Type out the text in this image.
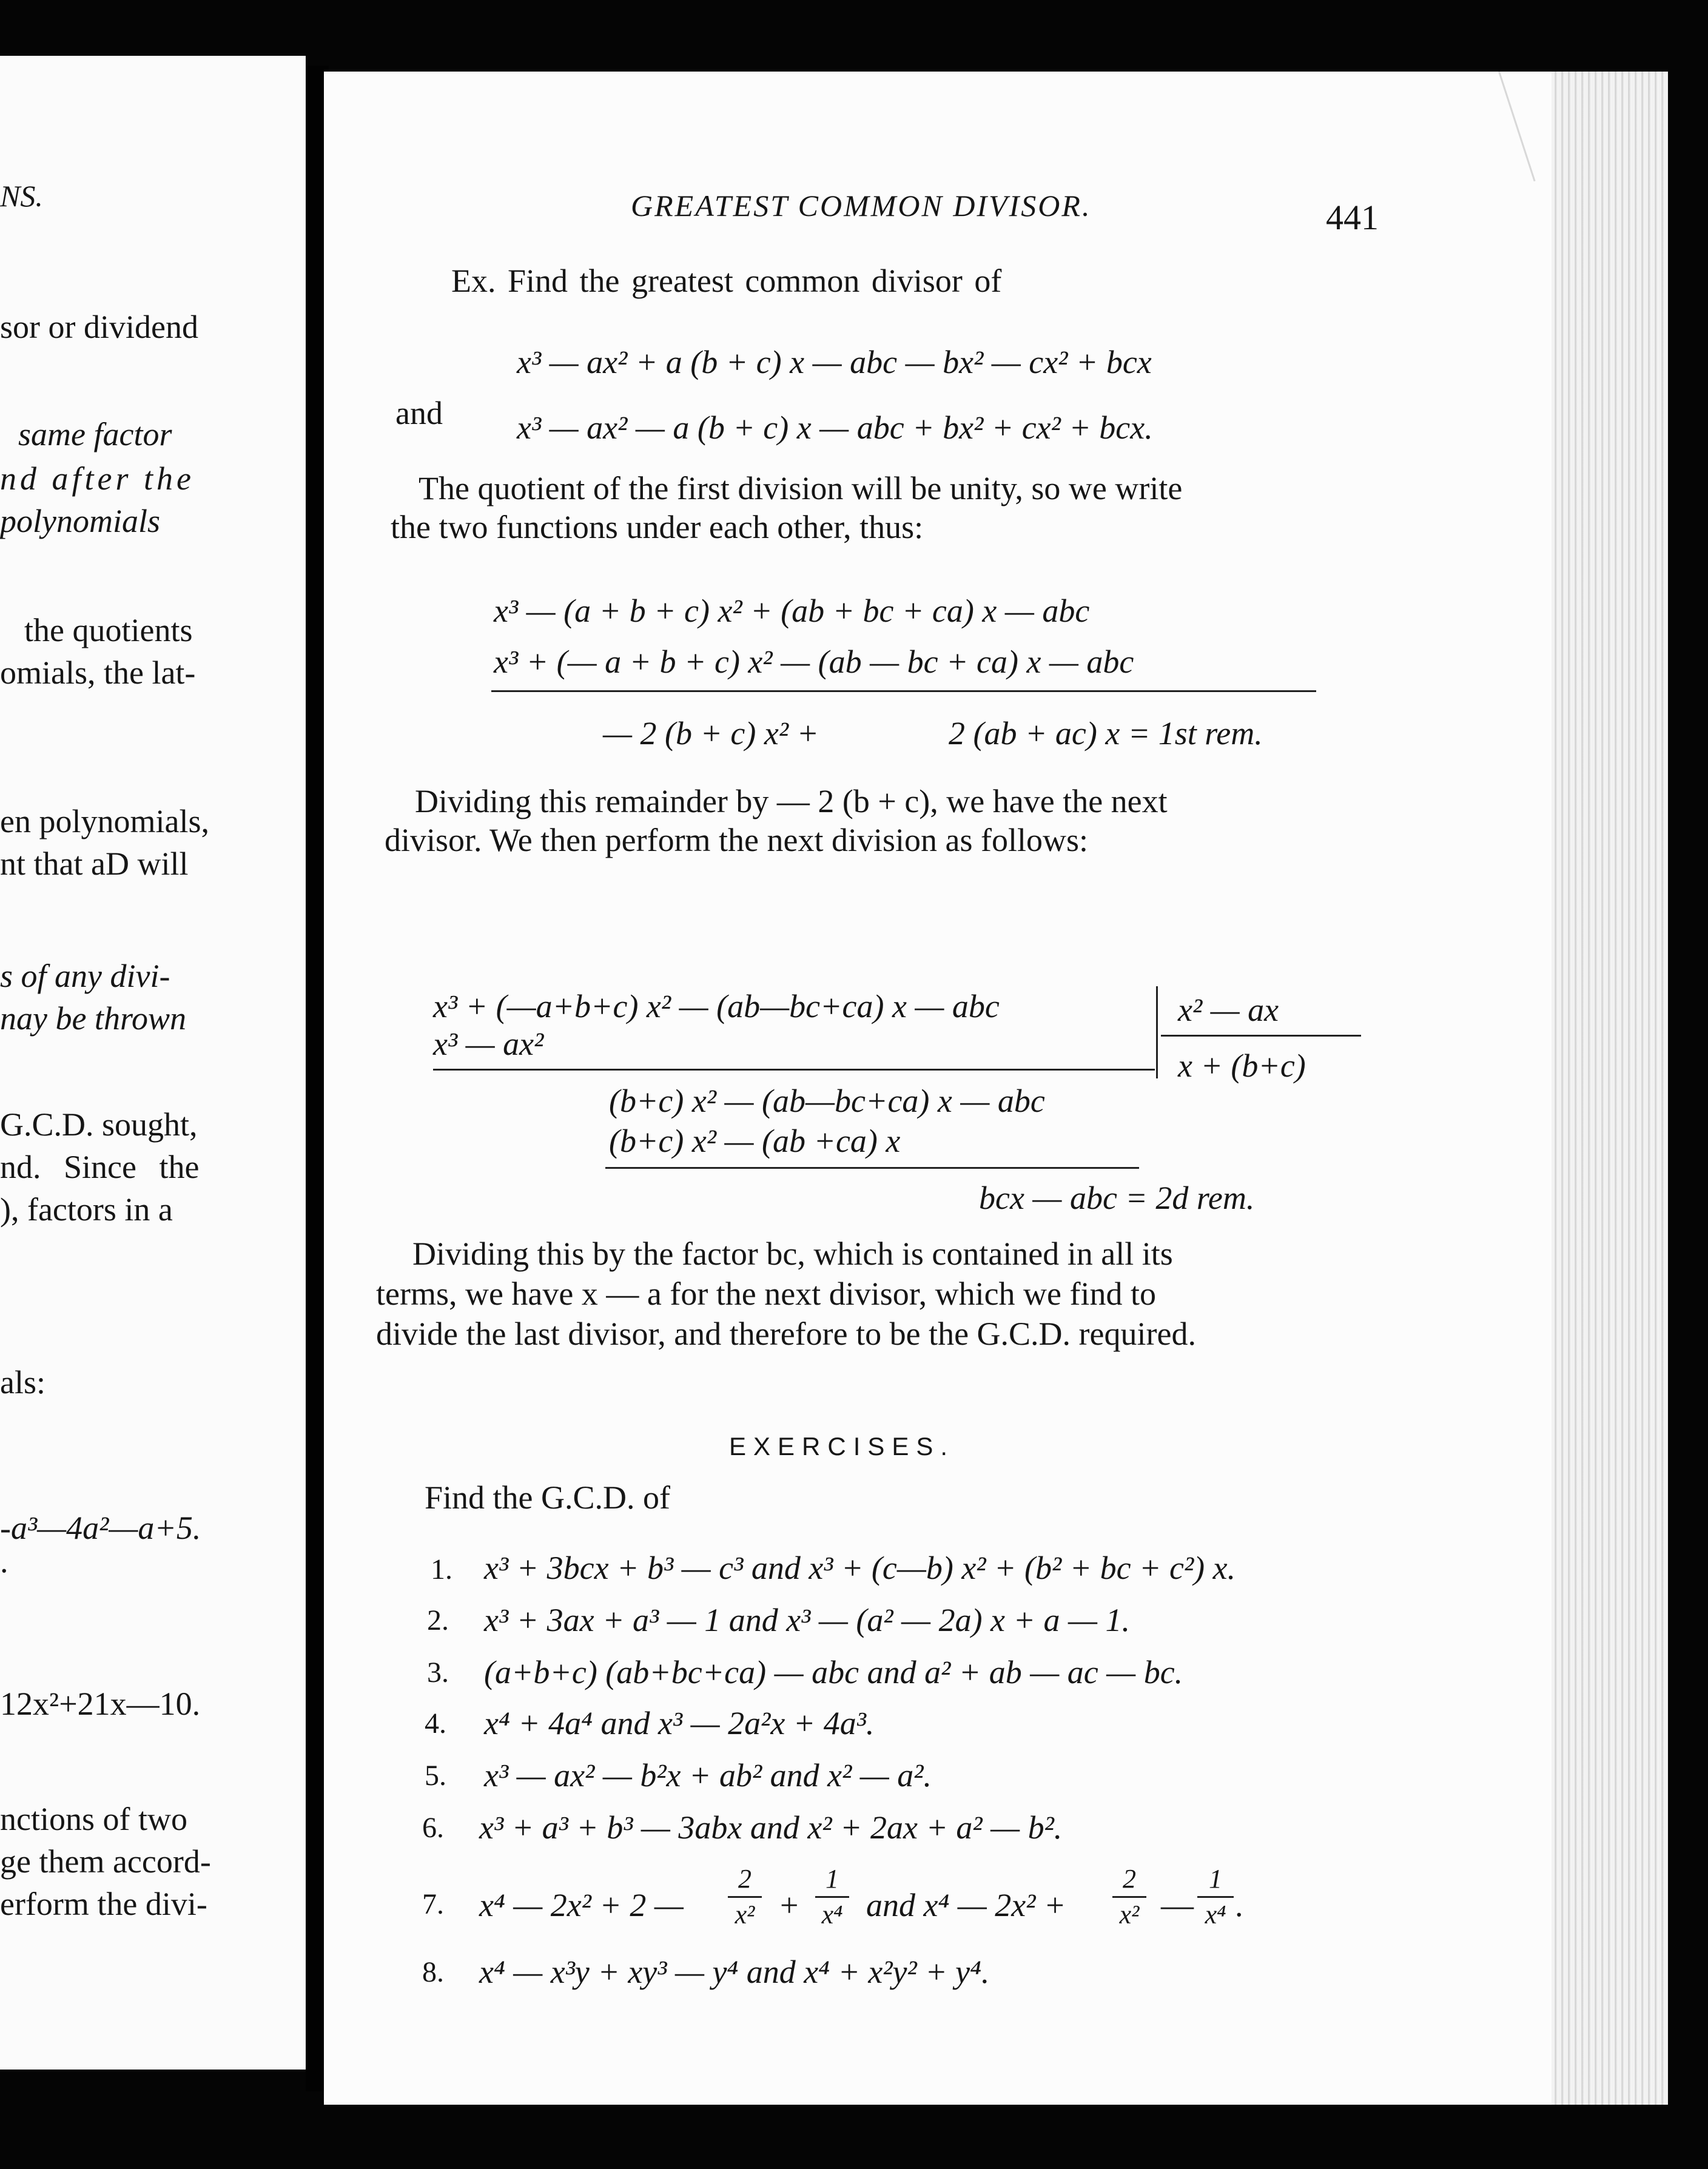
NS.

sor or dividend

same factor

nd after the

polynomials

the quotients

omials, the lat-

en polynomials,

nt that aD will

s of any divi-

nay be thrown

G.C.D. sought,

nd. Since the

), factors in a

als:

-a³—4a²—a+5.

.

12x²+21x—10.

nctions of two

ge them accord-

erform the divi-

GREATEST COMMON DIVISOR.	441

Ex. Find the greatest common divisor of

x³ — ax² + a (b + c) x — abc — bx² — cx² + bcx

and x³ — ax² — a (b + c) x — abc + bx² + cx² + bcx.

The quotient of the first division will be unity, so we write
the two functions under each other, thus:

x³ — (a + b + c) x² + (ab + bc + ca) x — abc

x³ + (— a + b + c) x² — (ab — bc + ca) x — abc

— 2 (b + c) x² +	2 (ab + ac) x = 1st rem.

Dividing this remainder by — 2 (b + c), we have the next
divisor. We then perform the next division as follows:

x³ + (—a+b+c) x² — (ab—bc+ca) x — abc

x³ — ax²

x² — ax

x + (b+c)

(b+c) x² — (ab—bc+ca) x — abc

(b+c) x² — (ab +ca) x

bcx — abc = 2d rem.

Dividing this by the factor bc, which is contained in all its
terms, we have x — a for the next divisor, which we find to
divide the last divisor, and therefore to be the G.C.D. required.

EXERCISES.

Find the G.C.D. of

1. x³ + 3bcx + b³ — c³ and x³ + (c—b) x² + (b² + bc + c²) x.

2. x³ + 3ax + a³ — 1 and x³ — (a² — 2a) x + a — 1.

3. (a+b+c) (ab+bc+ca) — abc and a² + ab — ac — bc.

4. x⁴ + 4a⁴ and x³ — 2a²x + 4a³.

5. x³ — ax² — b²x + ab² and x² — a².

6. x³ + a³ + b³ — 3abx and x² + 2ax + a² — b².

7. x⁴ — 2x² + 2 —

2
x² +

1
x⁴ and x⁴ — 2x² +

2
x² —

1
x⁴ .

8. x⁴ — x³y + xy³ — y⁴ and x⁴ + x²y² + y⁴.
